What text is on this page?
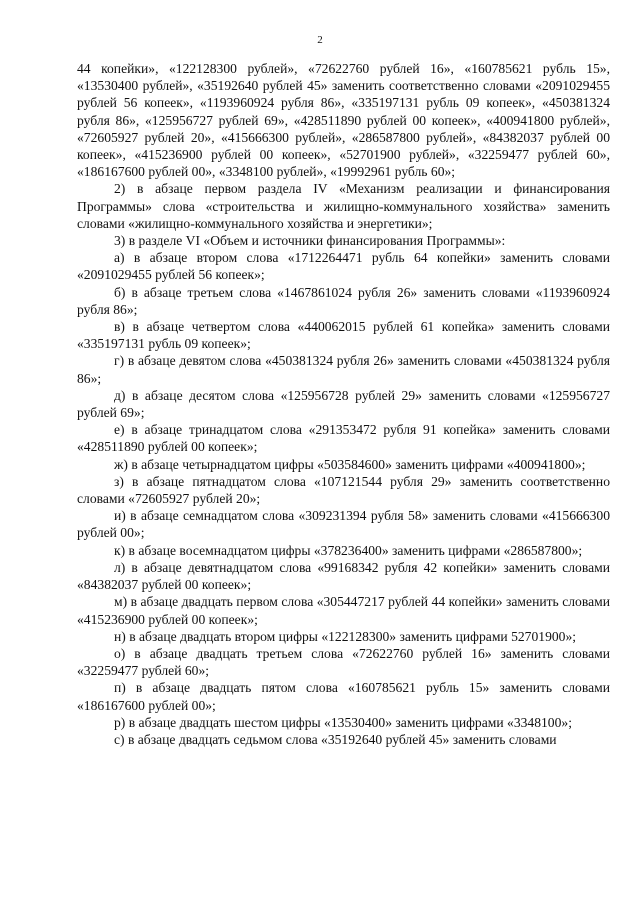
2

44 копейки», «122128300 рублей», «72622760 рублей 16», «160785621 рубль 15», «13530400 рублей», «35192640 рублей 45» заменить соответственно словами «2091029455 рублей 56 копеек», «1193960924 рубля 86», «335197131 рубль 09 копеек», «450381324 рубля 86», «125956727 рублей 69», «428511890 рублей 00 копеек», «400941800 рублей», «72605927 рублей 20», «415666300 рублей», «286587800 рублей», «84382037 рублей 00 копеек», «415236900 рублей 00 копеек», «52701900 рублей», «32259477 рублей 60», «186167600 рублей 00», «3348100 рублей», «19992961 рубль 60»;

2) в абзаце первом раздела IV «Механизм реализации и финансирования Программы» слова «строительства и жилищно-коммунального хозяйства» заменить словами «жилищно-коммунального хозяйства и энергетики»;

3) в разделе VI «Объем и источники финансирования Программы»:

а) в абзаце втором слова «1712264471 рубль 64 копейки» заменить словами «2091029455 рублей 56 копеек»;

б) в абзаце третьем слова «1467861024 рубля 26» заменить словами «1193960924 рубля 86»;

в) в абзаце четвертом слова «440062015 рублей 61 копейка» заменить словами «335197131 рубль 09 копеек»;

г) в абзаце девятом слова «450381324 рубля 26» заменить словами «450381324 рубля 86»;

д) в абзаце десятом слова «125956728 рублей 29» заменить словами «125956727 рублей 69»;

е) в абзаце тринадцатом слова «291353472 рубля 91 копейка» заменить словами «428511890 рублей 00 копеек»;

ж) в абзаце четырнадцатом цифры «503584600» заменить цифрами «400941800»;

з) в абзаце пятнадцатом слова «107121544 рубля 29» заменить соответственно словами «72605927 рублей 20»;

и) в абзаце семнадцатом слова «309231394 рубля 58» заменить словами «415666300 рублей 00»;

к) в абзаце восемнадцатом цифры «378236400» заменить цифрами «286587800»;

л) в абзаце девятнадцатом слова «99168342 рубля 42 копейки» заменить словами «84382037 рублей 00 копеек»;

м) в абзаце двадцать первом слова «305447217 рублей 44 копейки» заменить словами «415236900 рублей 00 копеек»;

н) в абзаце двадцать втором цифры «122128300» заменить цифрами 52701900»;

о) в абзаце двадцать третьем слова «72622760 рублей 16» заменить словами «32259477 рублей 60»;

п) в абзаце двадцать пятом слова «160785621 рубль 15» заменить словами «186167600 рублей 00»;

р) в абзаце двадцать шестом цифры «13530400» заменить цифрами «3348100»;

с) в абзаце двадцать седьмом слова «35192640 рублей 45» заменить словами
